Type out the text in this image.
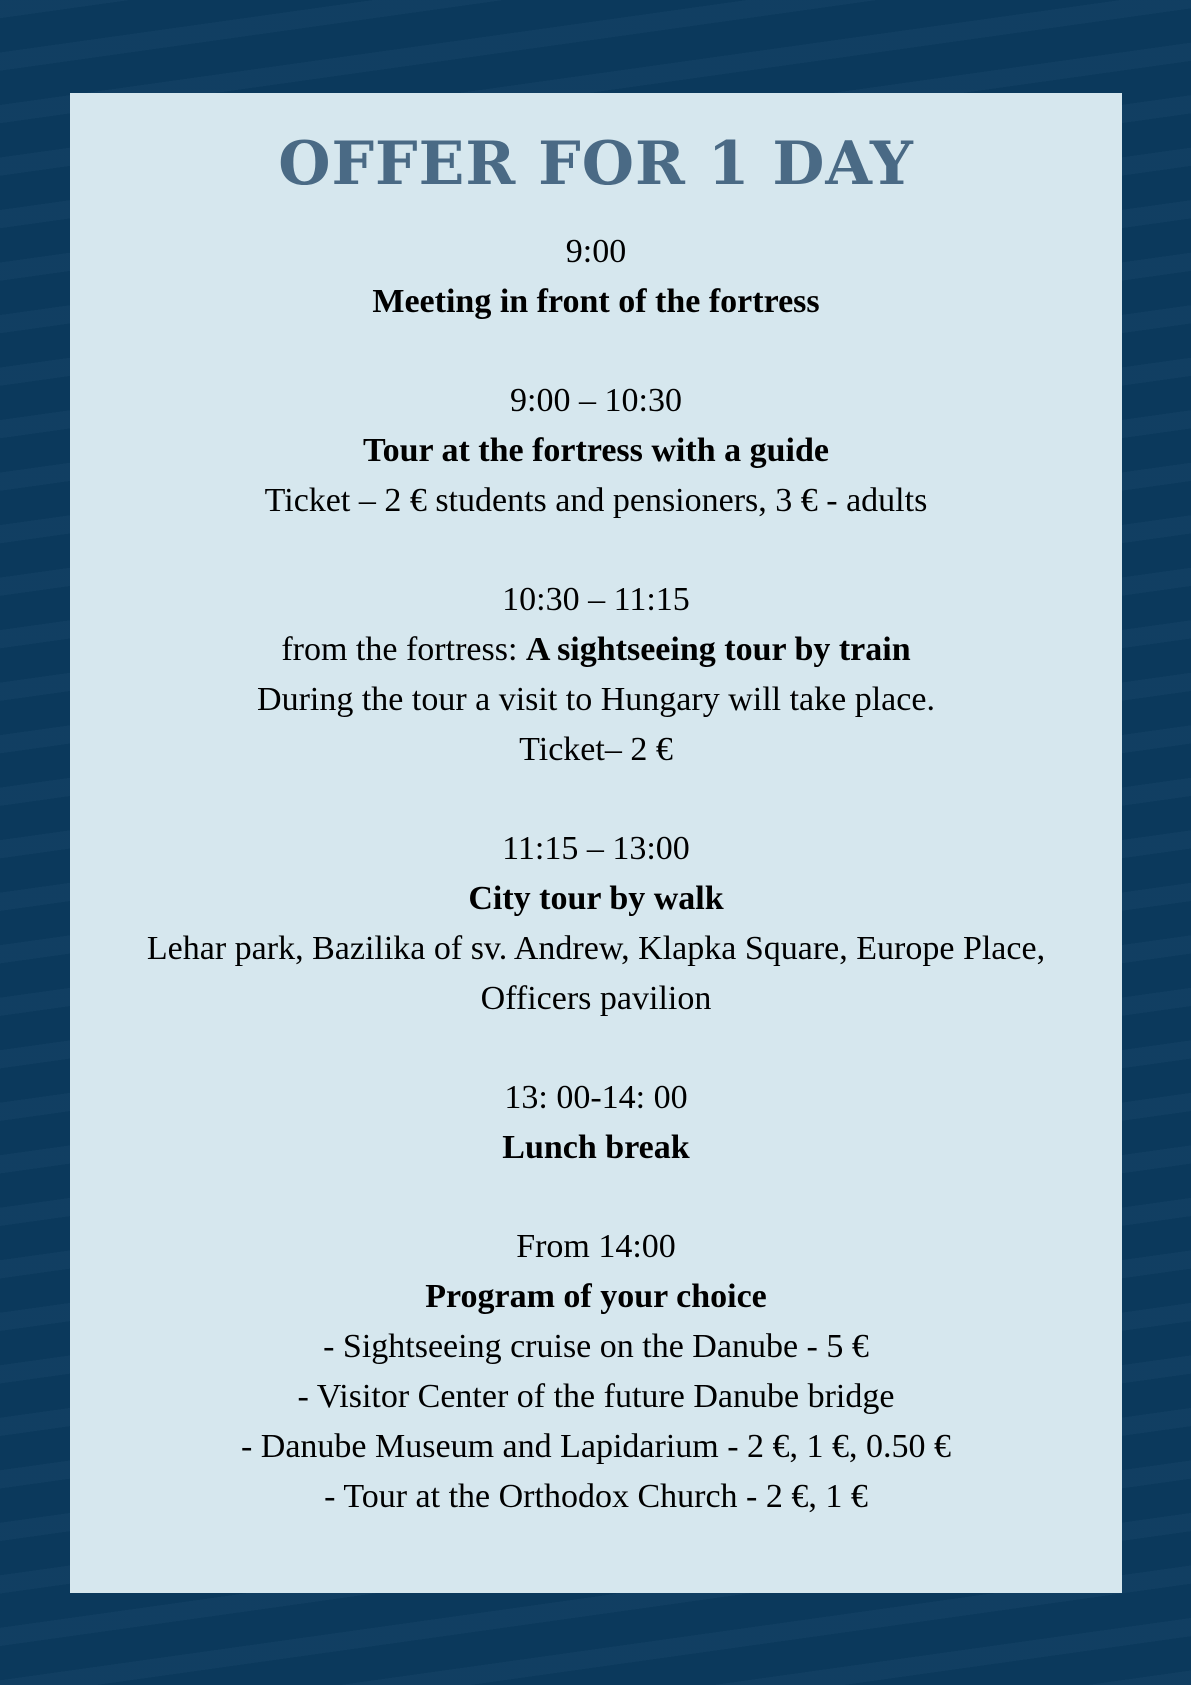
OFFER FOR 1 DAY

9:00

Meeting in front of the fortress

9:00 – 10:30

Tour at the fortress with a guide

Ticket – 2 € students and pensioners, 3 € - adults

10:30 – 11:15

from the fortress: A sightseeing tour by train

During the tour a visit to Hungary will take place.

Ticket– 2 €

11:15 – 13:00

City tour by walk

Lehar park, Bazilika of sv. Andrew, Klapka Square, Europe Place, Officers pavilion

13: 00-14: 00

Lunch break

From 14:00

Program of your choice

- Sightseeing cruise on the Danube - 5 €
- Visitor Center of the future Danube bridge
- Danube Museum and Lapidarium - 2 €, 1 €, 0.50 €
- Tour at the Orthodox Church - 2 €, 1 €
